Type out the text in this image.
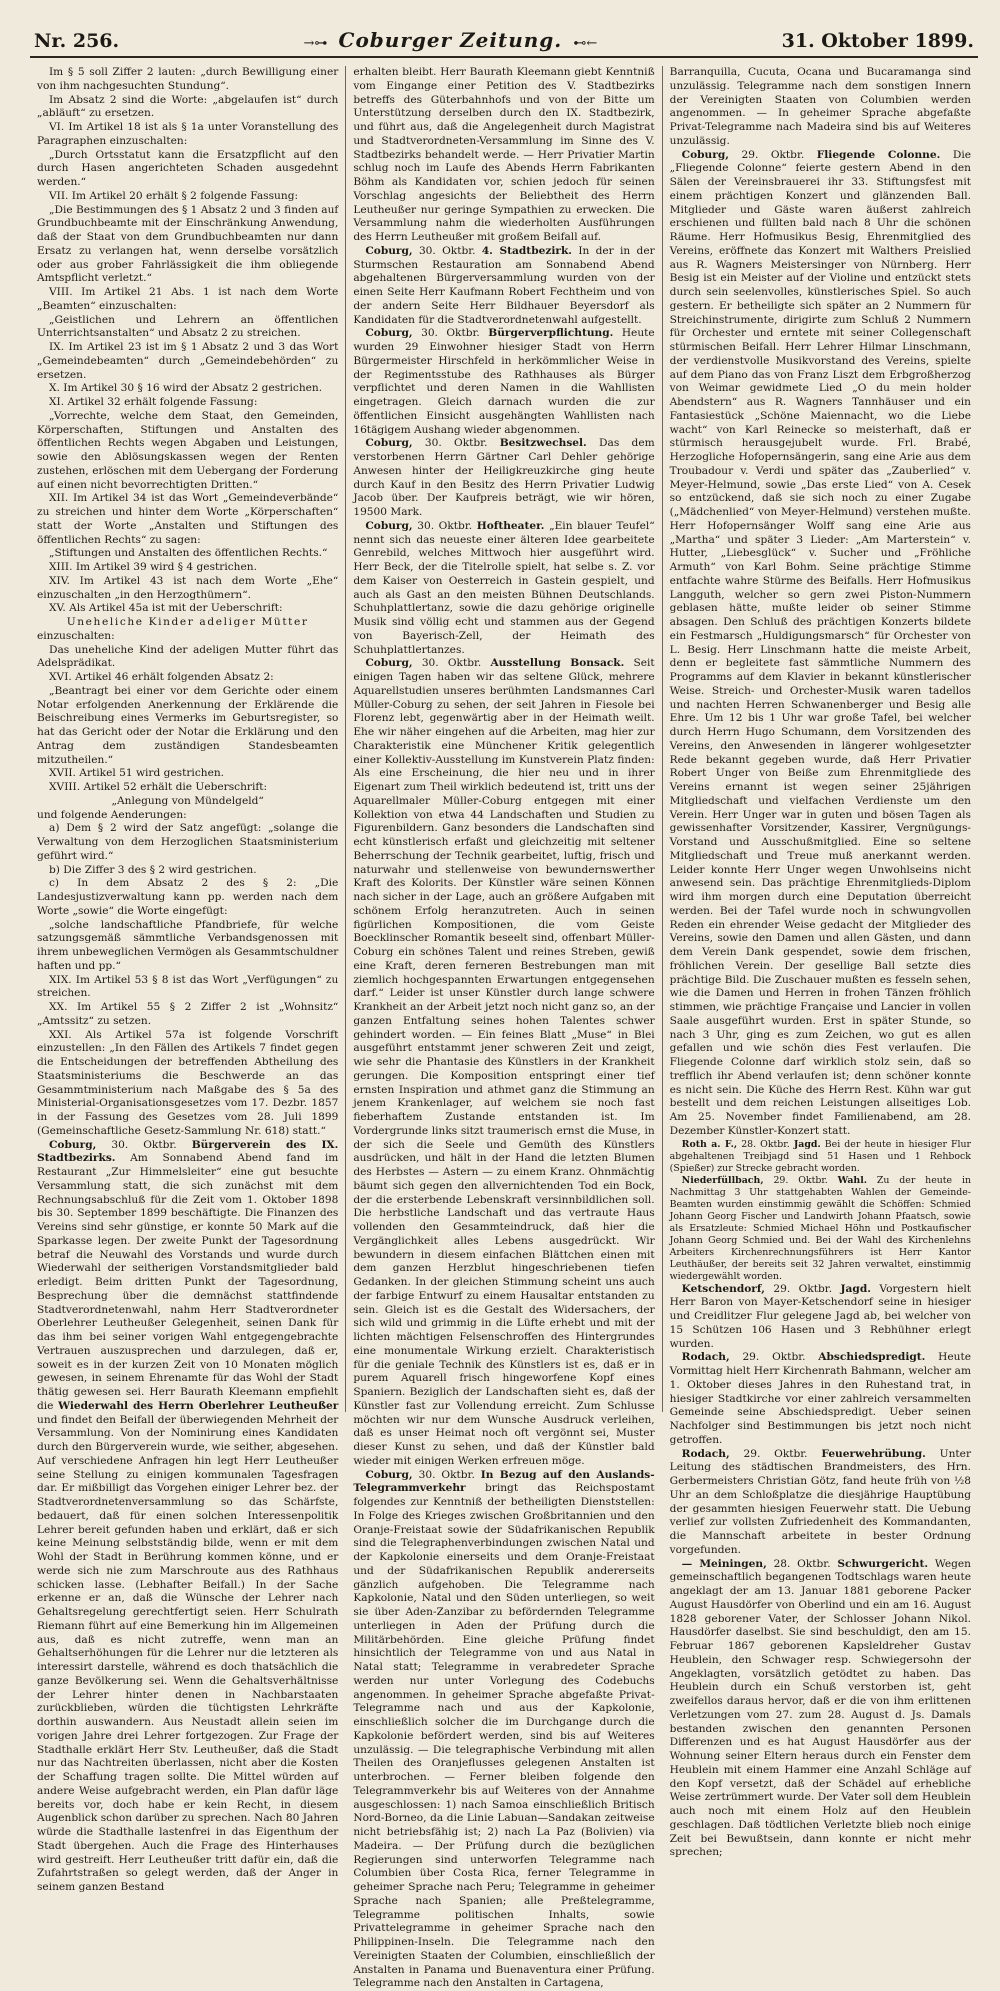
Nr. 256.	→⊶ Coburger Zeitung. ⊷←	31. Oktober 1899.

Im § 5 soll Ziffer 2 lauten: „durch Bewilligung einer von ihm nachgesuchten Stundung“.

Im Absatz 2 sind die Worte: „abgelaufen ist“ durch „abläuft“ zu ersetzen.

VI. Im Artikel 18 ist als § 1a unter Voranstellung des Paragraphen einzuschalten:

„Durch Ortsstatut kann die Ersatzpflicht auf den durch Hasen angerichteten Schaden ausgedehnt werden.“

VII. Im Artikel 20 erhält § 2 folgende Fassung:

„Die Bestimmungen des § 1 Absatz 2 und 3 finden auf Grundbuchbeamte mit der Einschränkung Anwendung, daß der Staat von dem Grundbuchbeamten nur dann Ersatz zu verlangen hat, wenn derselbe vorsätzlich oder aus grober Fahrlässigkeit die ihm obliegende Amtspflicht verletzt.“

VIII. Im Artikel 21 Abs. 1 ist nach dem Worte „Beamten“ einzuschalten:

„Geistlichen und Lehrern an öffentlichen Unterrichtsanstalten“ und Absatz 2 zu streichen.

IX. Im Artikel 23 ist im § 1 Absatz 2 und 3 das Wort „Gemeindebeamten“ durch „Gemeindebehörden“ zu ersetzen.

X. Im Artikel 30 § 16 wird der Absatz 2 gestrichen.

XI. Artikel 32 erhält folgende Fassung:

„Vorrechte, welche dem Staat, den Gemeinden, Körperschaften, Stiftungen und Anstalten des öffentlichen Rechts wegen Abgaben und Leistungen, sowie den Ablösungskassen wegen der Renten zustehen, erlöschen mit dem Uebergang der Forderung auf einen nicht bevorrechtigten Dritten.“

XII. Im Artikel 34 ist das Wort „Gemeindeverbände“ zu streichen und hinter dem Worte „Körperschaften“ statt der Worte „Anstalten und Stiftungen des öffentlichen Rechts“ zu sagen:

„Stiftungen und Anstalten des öffentlichen Rechts.“

XIII. Im Artikel 39 wird § 4 gestrichen.

XIV. Im Artikel 43 ist nach dem Worte „Ehe“ einzuschalten „in den Herzogthümern“.

XV. Als Artikel 45a ist mit der Ueberschrift:

Uneheliche Kinder adeliger Mütter

einzuschalten:

Das uneheliche Kind der adeligen Mutter führt das Adelsprädikat.

XVI. Artikel 46 erhält folgenden Absatz 2:

„Beantragt bei einer vor dem Gerichte oder einem Notar erfolgenden Anerkennung der Erklärende die Beischreibung eines Vermerks im Geburtsregister, so hat das Gericht oder der Notar die Erklärung und den Antrag dem zuständigen Standesbeamten mitzutheilen.“

XVII. Artikel 51 wird gestrichen.

XVIII. Artikel 52 erhält die Ueberschrift:

„Anlegung von Mündelgeld“

und folgende Aenderungen:

a) Dem § 2 wird der Satz angefügt: „solange die Verwaltung von dem Herzoglichen Staatsministerium geführt wird.“

b) Die Ziffer 3 des § 2 wird gestrichen.

c) In dem Absatz 2 des § 2: „Die Landesjustizverwaltung kann pp. werden nach dem Worte „sowie“ die Worte eingefügt:

„solche landschaftliche Pfandbriefe, für welche satzungsgemäß sämmtliche Verbandsgenossen mit ihrem unbeweglichen Vermögen als Gesammtschuldner haften und pp.“

XIX. Im Artikel 53 § 8 ist das Wort „Verfügungen“ zu streichen.

XX. Im Artikel 55 § 2 Ziffer 2 ist „Wohnsitz“ „Amtssitz“ zu setzen.

XXI. Als Artikel 57a ist folgende Vorschrift einzustellen: „In den Fällen des Artikels 7 findet gegen die Entscheidungen der betreffenden Abtheilung des Staatsministeriums die Beschwerde an das Gesammtministerium nach Maßgabe des § 5a des Ministerial-Organisationsgesetzes vom 17. Dezbr. 1857 in der Fassung des Gesetzes vom 28. Juli 1899 (Gemeinschaftliche Gesetz-Sammlung Nr. 618) statt.“

Coburg, 30. Oktbr. Bürgerverein des IX. Stadtbezirks. Am Sonnabend Abend fand im Restaurant „Zur Himmelsleiter“ eine gut besuchte Versammlung statt, die sich zunächst mit dem Rechnungsabschluß für die Zeit vom 1. Oktober 1898 bis 30. September 1899 beschäftigte. Die Finanzen des Vereins sind sehr günstige, er konnte 50 Mark auf die Sparkasse legen. Der zweite Punkt der Tagesordnung betraf die Neuwahl des Vorstands und wurde durch Wiederwahl der seitherigen Vorstandsmitglieder bald erledigt. Beim dritten Punkt der Tagesordnung, Besprechung über die demnächst stattfindende Stadtverordnetenwahl, nahm Herr Stadtverordneter Oberlehrer Leutheußer Gelegenheit, seinen Dank für das ihm bei seiner vorigen Wahl entgegengebrachte Vertrauen auszusprechen und darzulegen, daß er, soweit es in der kurzen Zeit von 10 Monaten möglich gewesen, in seinem Ehrenamte für das Wohl der Stadt thätig gewesen sei. Herr Baurath Kleemann empfiehlt die Wiederwahl des Herrn Oberlehrer Leutheußer und findet den Beifall der überwiegenden Mehrheit der Versammlung. Von der Nominirung eines Kandidaten durch den Bürgerverein wurde, wie seither, abgesehen. Auf verschiedene Anfragen hin legt Herr Leutheußer seine Stellung zu einigen kommunalen Tagesfragen dar. Er mißbilligt das Vorgehen einiger Lehrer bez. der Stadtverordnetenversammlung so das Schärfste, bedauert, daß für einen solchen Interessenpolitik Lehrer bereit gefunden haben und erklärt, daß er sich keine Meinung selbstständig bilde, wenn er mit dem Wohl der Stadt in Berührung kommen könne, und er werde sich nie zum Marschroute aus des Rathhaus schicken lasse. (Lebhafter Beifall.) In der Sache erkenne er an, daß die Wünsche der Lehrer nach Gehaltsregelung gerechtfertigt seien. Herr Schulrath Riemann führt auf eine Bemerkung hin im Allgemeinen aus, daß es nicht zutreffe, wenn man an Gehaltserhöhungen für die Lehrer nur die letzteren als interessirt darstelle, während es doch thatsächlich die ganze Bevölkerung sei. Wenn die Gehaltsverhältnisse der Lehrer hinter denen in Nachbarstaaten zurückblieben, würden die tüchtigsten Lehrkräfte dorthin auswandern. Aus Neustadt allein seien im vorigen Jahre drei Lehrer fortgezogen. Zur Frage der Stadthalle erklärt Herr Stv. Leutheußer, daß die Stadt nur das Nachtreiten überlassen, nicht aber die Kosten der Schaffung tragen sollte. Die Mittel würden auf andere Weise aufgebracht werden, ein Plan dafür läge bereits vor, doch habe er kein Recht, in diesem Augenblick schon darüber zu sprechen. Nach 80 Jahren würde die Stadthalle lastenfrei in das Eigenthum der Stadt übergehen. Auch die Frage des Hinterhauses wird gestreift. Herr Leutheußer tritt dafür ein, daß die Zufahrtstraßen so gelegt werden, daß der Anger in seinem ganzen Bestand

erhalten bleibt. Herr Baurath Kleemann giebt Kenntniß vom Eingange einer Petition des V. Stadtbezirks betreffs des Güterbahnhofs und von der Bitte um Unterstützung derselben durch den IX. Stadtbezirk, und führt aus, daß die Angelegenheit durch Magistrat und Stadtverordneten-Versammlung im Sinne des V. Stadtbezirks behandelt werde. — Herr Privatier Martin schlug noch im Laufe des Abends Herrn Fabrikanten Böhm als Kandidaten vor, schien jedoch für seinen Vorschlag angesichts der Beliebtheit des Herrn Leutheußer nur geringe Sympathien zu erwecken. Die Versammlung nahm die wiederholten Ausführungen des Herrn Leutheußer mit großem Beifall auf.

Coburg, 30. Oktbr. 4. Stadtbezirk. In der in der Sturmschen Restauration am Sonnabend Abend abgehaltenen Bürgerversammlung wurden von der einen Seite Herr Kaufmann Robert Fechtheim und von der andern Seite Herr Bildhauer Beyersdorf als Kandidaten für die Stadtverordnetenwahl aufgestellt.

Coburg, 30. Oktbr. Bürgerverpflichtung. Heute wurden 29 Einwohner hiesiger Stadt von Herrn Bürgermeister Hirschfeld in herkömmlicher Weise in der Regimentsstube des Rathhauses als Bürger verpflichtet und deren Namen in die Wahllisten eingetragen. Gleich darnach wurden die zur öffentlichen Einsicht ausgehängten Wahllisten nach 16tägigem Aushang wieder abgenommen.

Coburg, 30. Oktbr. Besitzwechsel. Das dem verstorbenen Herrn Gärtner Carl Dehler gehörige Anwesen hinter der Heiligkreuzkirche ging heute durch Kauf in den Besitz des Herrn Privatier Ludwig Jacob über. Der Kaufpreis beträgt, wie wir hören, 19500 Mark.

Coburg, 30. Oktbr. Hoftheater. „Ein blauer Teufel“ nennt sich das neueste einer älteren Idee gearbeitete Genrebild, welches Mittwoch hier ausgeführt wird. Herr Beck, der die Titelrolle spielt, hat selbe s. Z. vor dem Kaiser von Oesterreich in Gastein gespielt, und auch als Gast an den meisten Bühnen Deutschlands. Schuhplattlertanz, sowie die dazu gehörige originelle Musik sind völlig echt und stammen aus der Gegend von Bayerisch-Zell, der Heimath des Schuhplattlertanzes.

Coburg, 30. Oktbr. Ausstellung Bonsack. Seit einigen Tagen haben wir das seltene Glück, mehrere Aquarellstudien unseres berühmten Landsmannes Carl Müller-Coburg zu sehen, der seit Jahren in Fiesole bei Florenz lebt, gegenwärtig aber in der Heimath weilt. Ehe wir näher eingehen auf die Arbeiten, mag hier zur Charakteristik eine Münchener Kritik gelegentlich einer Kollektiv-Ausstellung im Kunstverein Platz finden: Als eine Erscheinung, die hier neu und in ihrer Eigenart zum Theil wirklich bedeutend ist, tritt uns der Aquarellmaler Müller-Coburg entgegen mit einer Kollektion von etwa 44 Landschaften und Studien zu Figurenbildern. Ganz besonders die Landschaften sind echt künstlerisch erfaßt und gleichzeitig mit seltener Beherrschung der Technik gearbeitet, luftig, frisch und naturwahr und stellenweise von bewundernswerther Kraft des Kolorits. Der Künstler wäre seinen Können nach sicher in der Lage, auch an größere Aufgaben mit schönem Erfolg heranzutreten. Auch in seinen figürlichen Kompositionen, die vom Geiste Boecklinscher Romantik beseelt sind, offenbart Müller-Coburg ein schönes Talent und reines Streben, gewiß eine Kraft, deren ferneren Bestrebungen man mit ziemlich hochgespannten Erwartungen entgegensehen darf.“ Leider ist unser Künstler durch lange schwere Krankheit an der Arbeit jetzt noch nicht ganz so, an der ganzen Entfaltung seines hohen Talentes schwer gehindert worden. — Ein feines Blatt „Muse“ in Blei ausgeführt entstammt jener schweren Zeit und zeigt, wie sehr die Phantasie des Künstlers in der Krankheit gerungen. Die Komposition entspringt einer tief ernsten Inspiration und athmet ganz die Stimmung an jenem Krankenlager, auf welchem sie noch fast fieberhaftem Zustande entstanden ist. Im Vordergrunde links sitzt traumerisch ernst die Muse, in der sich die Seele und Gemüth des Künstlers ausdrücken, und hält in der Hand die letzten Blumen des Herbstes — Astern — zu einem Kranz. Ohnmächtig bäumt sich gegen den allvernichtenden Tod ein Bock, der die ersterbende Lebenskraft versinnbildlichen soll. Die herbstliche Landschaft und das vertraute Haus vollenden den Gesammteindruck, daß hier die Vergänglichkeit alles Lebens ausgedrückt. Wir bewundern in diesem einfachen Blättchen einen mit dem ganzen Herzblut hingeschriebenen tiefen Gedanken. In der gleichen Stimmung scheint uns auch der farbige Entwurf zu einem Hausaltar entstanden zu sein. Gleich ist es die Gestalt des Widersachers, der sich wild und grimmig in die Lüfte erhebt und mit der lichten mächtigen Felsenschroffen des Hintergrundes eine monumentale Wirkung erzielt. Charakteristisch für die geniale Technik des Künstlers ist es, daß er in purem Aquarell frisch hingeworfene Kopf eines Spaniern. Beziglich der Landschaften sieht es, daß der Künstler fast zur Vollendung erreicht. Zum Schlusse möchten wir nur dem Wunsche Ausdruck verleihen, daß es unser Heimat noch oft vergönnt sei, Muster dieser Kunst zu sehen, und daß der Künstler bald wieder mit einigen Werken erfreuen möge.

Coburg, 30. Oktbr. In Bezug auf den Auslands-Telegrammverkehr bringt das Reichspostamt folgendes zur Kenntniß der betheiligten Dienststellen: In Folge des Krieges zwischen Großbritannien und den Oranje-Freistaat sowie der Südafrikanischen Republik sind die Telegraphenverbindungen zwischen Natal und der Kapkolonie einerseits und dem Oranje-Freistaat und der Südafrikanischen Republik andererseits gänzlich aufgehoben. Die Telegramme nach Kapkolonie, Natal und den Süden unterliegen, so weit sie über Aden-Zanzibar zu befördernden Telegramme unterliegen in Aden der Prüfung durch die Militärbehörden. Eine gleiche Prüfung findet hinsichtlich der Telegramme von und aus Natal in Natal statt; Telegramme in verabredeter Sprache werden nur unter Vorlegung des Codebuchs angenommen. In geheimer Sprache abgefaßte Privat-Telegramme nach und aus der Kapkolonie, einschließlich solcher die im Durchgange durch die Kapkolonie befördert werden, sind bis auf Weiteres unzulässig. — Die telegraphische Verbindung mit allen Theilen des Oranjeflusses gelegenen Anstalten ist unterbrochen. — Ferner bleiben folgende den Telegrammverkehr bis auf Weiteres von der Annahme ausgeschlossen: 1) nach Samoa einschließlich Britisch Nord-Borneo, da die Linie Labuan—Sandakan zeitweise nicht betriebsfähig ist; 2) nach La Paz (Bolivien) via Madeira. — Der Prüfung durch die bezüglichen Regierungen sind unterworfen Telegramme nach Columbien über Costa Rica, ferner Telegramme in geheimer Sprache nach Peru; Telegramme in geheimer Sprache nach Spanien; alle Preßtelegramme, Telegramme politischen Inhalts, sowie Privattelegramme in geheimer Sprache nach den Philippinen-Inseln. Die Telegramme nach den Vereinigten Staaten der Columbien, einschließlich der Anstalten in Panama und Buenaventura einer Prüfung. Telegramme nach den Anstalten in Cartagena,

Barranquilla, Cucuta, Ocana und Bucaramanga sind unzulässig. Telegramme nach dem sonstigen Innern der Vereinigten Staaten von Columbien werden angenommen. — In geheimer Sprache abgefaßte Privat-Telegramme nach Madeira sind bis auf Weiteres unzulässig.

Coburg, 29. Oktbr. Fliegende Colonne. Die „Fliegende Colonne“ feierte gestern Abend in den Sälen der Vereinsbrauerei ihr 33. Stiftungsfest mit einem prächtigen Konzert und glänzenden Ball. Mitglieder und Gäste waren äußerst zahlreich erschienen und füllten bald nach 8 Uhr die schönen Räume. Herr Hofmusikus Besig, Ehrenmitglied des Vereins, eröffnete das Konzert mit Walthers Preislied aus R. Wagners Meistersinger von Nürnberg. Herr Besig ist ein Meister auf der Violine und entzückt stets durch sein seelenvolles, künstlerisches Spiel. So auch gestern. Er betheiligte sich später an 2 Nummern für Streichinstrumente, dirigirte zum Schluß 2 Nummern für Orchester und erntete mit seiner Collegenschaft stürmischen Beifall. Herr Lehrer Hilmar Linschmann, der verdienstvolle Musikvorstand des Vereins, spielte auf dem Piano das von Franz Liszt dem Erbgroßherzog von Weimar gewidmete Lied „O du mein holder Abendstern“ aus R. Wagners Tannhäuser und ein Fantasiestück „Schöne Maiennacht, wo die Liebe wacht“ von Karl Reinecke so meisterhaft, daß er stürmisch herausgejubelt wurde. Frl. Brabé, Herzogliche Hofopernsängerin, sang eine Arie aus dem Troubadour v. Verdi und später das „Zauberlied“ v. Meyer-Helmund, sowie „Das erste Lied“ von A. Cesek so entzückend, daß sie sich noch zu einer Zugabe („Mädchenlied“ von Meyer-Helmund) verstehen mußte. Herr Hofopernsänger Wolff sang eine Arie aus „Martha“ und später 3 Lieder: „Am Marterstein“ v. Hutter, „Liebesglück“ v. Sucher und „Fröhliche Armuth“ von Karl Bohm. Seine prächtige Stimme entfachte wahre Stürme des Beifalls. Herr Hofmusikus Langguth, welcher so gern zwei Piston-Nummern geblasen hätte, mußte leider ob seiner Stimme absagen. Den Schluß des prächtigen Konzerts bildete ein Festmarsch „Huldigungsmarsch“ für Orchester von L. Besig. Herr Linschmann hatte die meiste Arbeit, denn er begleitete fast sämmtliche Nummern des Programms auf dem Klavier in bekannt künstlerischer Weise. Streich- und Orchester-Musik waren tadellos und nachten Herren Schwanenberger und Besig alle Ehre. Um 12 bis 1 Uhr war große Tafel, bei welcher durch Herrn Hugo Schumann, dem Vorsitzenden des Vereins, den Anwesenden in längerer wohlgesetzter Rede bekannt gegeben wurde, daß Herr Privatier Robert Unger von Beiße zum Ehrenmitgliede des Vereins ernannt ist wegen seiner 25jährigen Mitgliedschaft und vielfachen Verdienste um den Verein. Herr Unger war in guten und bösen Tagen als gewissenhafter Vorsitzender, Kassirer, Vergnügungs-Vorstand und Ausschußmitglied. Eine so seltene Mitgliedschaft und Treue muß anerkannt werden. Leider konnte Herr Unger wegen Unwohlseins nicht anwesend sein. Das prächtige Ehrenmitglieds-Diplom wird ihm morgen durch eine Deputation überreicht werden. Bei der Tafel wurde noch in schwungvollen Reden ein ehrender Weise gedacht der Mitglieder des Vereins, sowie den Damen und allen Gästen, und dann dem Verein Dank gespendet, sowie dem frischen, fröhlichen Verein. Der gesellige Ball setzte dies prächtige Bild. Die Zuschauer mußten es fesseln sehen, wie die Damen und Herren in frohen Tänzen fröhlich stimmen, wie prächtige Française und Lancier in vollen Saale ausgeführt wurden. Erst in später Stunde, so nach 3 Uhr, ging es zum Zeichen, wo gut es allen gefallen und wie schön dies Fest verlaufen. Die Fliegende Colonne darf wirklich stolz sein, daß so trefflich ihr Abend verlaufen ist; denn schöner konnte es nicht sein. Die Küche des Herrn Rest. Kühn war gut bestellt und dem reichen Leistungen allseitiges Lob. Am 25. November findet Familienabend, am 28. Dezember Künstler-Konzert statt.

Roth a. F., 28. Oktbr. Jagd. Bei der heute in hiesiger Flur abgehaltenen Treibjagd sind 51 Hasen und 1 Rehbock (Spießer) zur Strecke gebracht worden.

Niederfüllbach, 29. Oktbr. Wahl. Zu der heute in Nachmittag 3 Uhr stattgehabten Wahlen der Gemeinde-Beamten wurden einstimmig gewählt die Schöffen: Schmied Johann Georg Fischer und Landwirth Johann Pfaatsch, sowie als Ersatzleute: Schmied Michael Höhn und Postkaufischer Johann Georg Schmied und. Bei der Wahl des Kirchenlehns Arbeiters Kirchenrechnungsführers ist Herr Kantor Leuthäußer, der bereits seit 32 Jahren verwaltet, einstimmig wiedergewählt worden.

Ketschendorf, 29. Oktbr. Jagd. Vorgestern hielt Herr Baron von Mayer-Ketschendorf seine in hiesiger und Creidlitzer Flur gelegene Jagd ab, bei welcher von 15 Schützen 106 Hasen und 3 Rebhühner erlegt wurden.

Rodach, 29. Oktbr. Abschiedspredigt. Heute Vormittag hielt Herr Kirchenrath Bahmann, welcher am 1. Oktober dieses Jahres in den Ruhestand trat, in hiesiger Stadtkirche vor einer zahlreich versammelten Gemeinde seine Abschiedspredigt. Ueber seinen Nachfolger sind Bestimmungen bis jetzt noch nicht getroffen.

Rodach, 29. Oktbr. Feuerwehrübung. Unter Leitung des städtischen Brandmeisters, des Hrn. Gerbermeisters Christian Götz, fand heute früh von ½8 Uhr an dem Schloßplatze die diesjährige Hauptübung der gesammten hiesigen Feuerwehr statt. Die Uebung verlief zur vollsten Zufriedenheit des Kommandanten, die Mannschaft arbeitete in bester Ordnung vorgefunden.

— Meiningen, 28. Oktbr. Schwurgericht. Wegen gemeinschaftlich begangenen Todtschlags waren heute angeklagt der am 13. Januar 1881 geborene Packer August Hausdörfer von Oberlind und ein am 16. August 1828 geborener Vater, der Schlosser Johann Nikol. Hausdörfer daselbst. Sie sind beschuldigt, den am 15. Februar 1867 geborenen Kapsleldreher Gustav Heublein, den Schwager resp. Schwiegersohn der Angeklagten, vorsätzlich getödtet zu haben. Das Heublein durch ein Schuß verstorben ist, geht zweifellos daraus hervor, daß er die von ihm erlittenen Verletzungen vom 27. zum 28. August d. Js. Damals bestanden zwischen den genannten Personen Differenzen und es hat August Hausdörfer aus der Wohnung seiner Eltern heraus durch ein Fenster dem Heublein mit einem Hammer eine Anzahl Schläge auf den Kopf versetzt, daß der Schädel auf erhebliche Weise zertrümmert wurde. Der Vater soll dem Heublein auch noch mit einem Holz auf den Heublein geschlagen. Daß tödtlichen Verletzte blieb noch einige Zeit bei Bewußtsein, dann konnte er nicht mehr sprechen;
